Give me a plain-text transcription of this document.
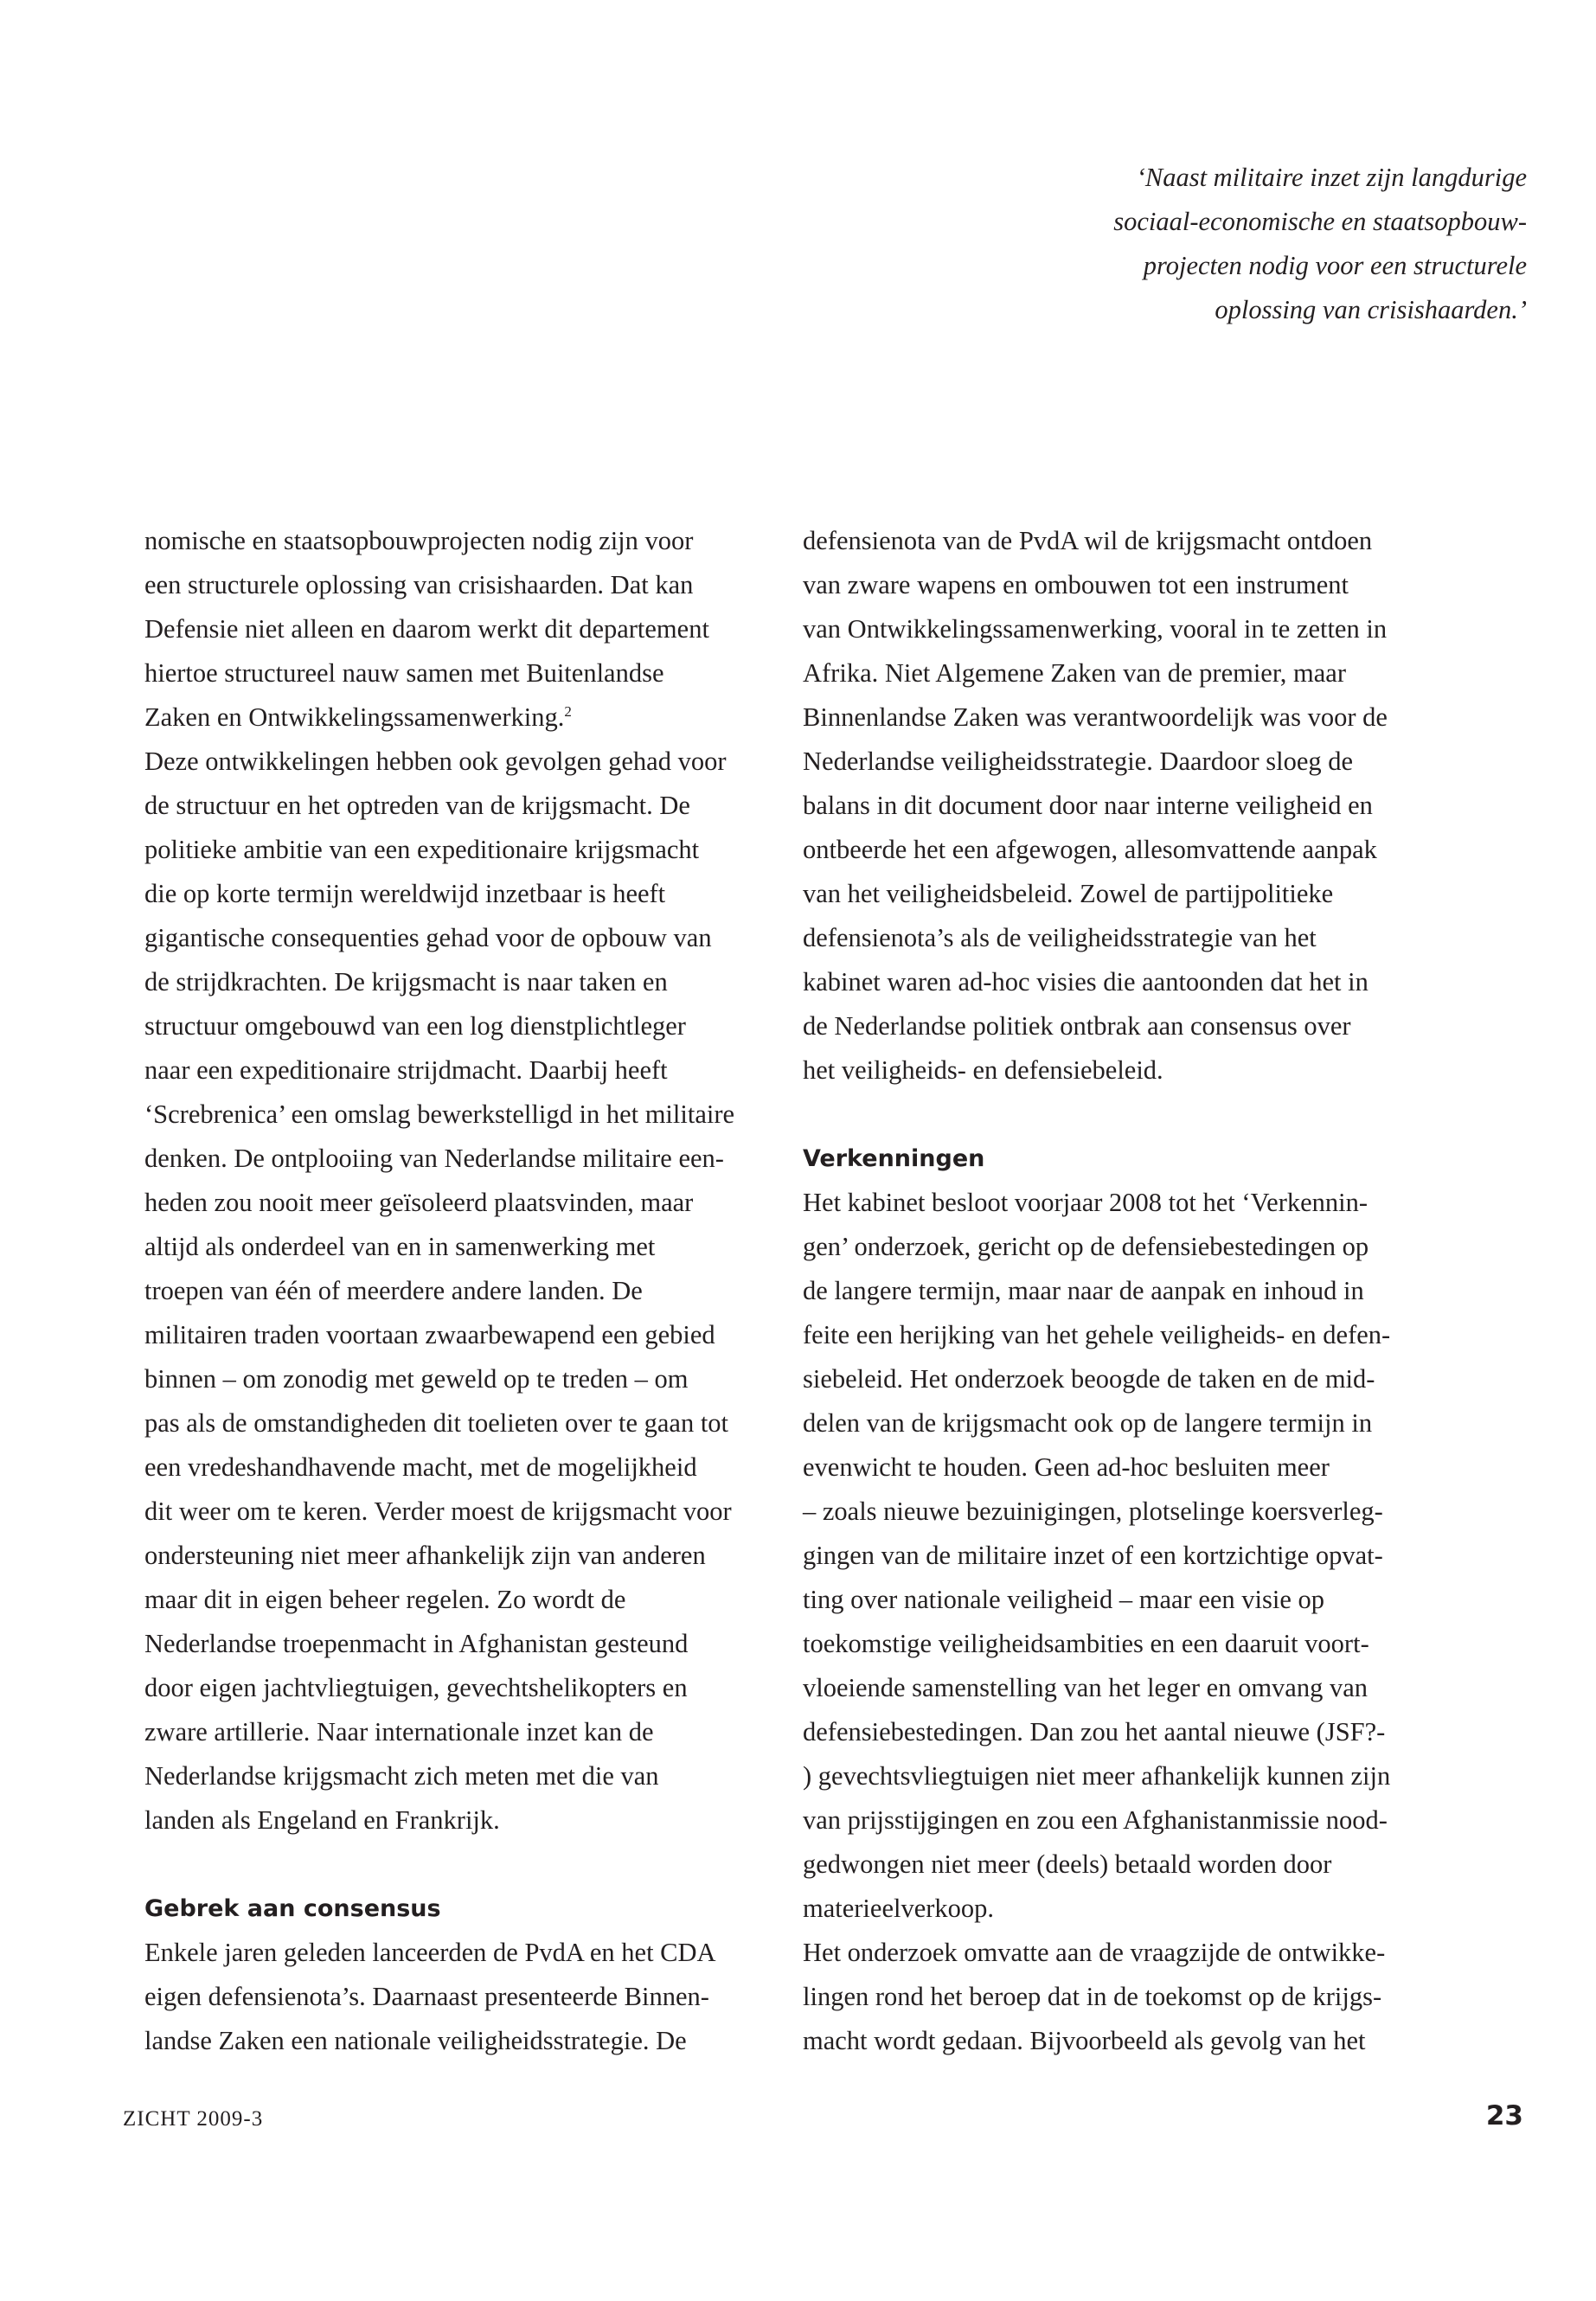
‘Naast militaire inzet zijn langdurige
sociaal-economische en staatsopbouw-
projecten nodig voor een structurele
oplossing van crisishaarden.’
nomische en staatsopbouwprojecten nodig zijn voor
een structurele oplossing van crisishaarden. Dat kan
Defensie niet alleen en daarom werkt dit departement
hiertoe structureel nauw samen met Buitenlandse
Zaken en Ontwikkelingssamenwerking.$^2$
Deze ontwikkelingen hebben ook gevolgen gehad voor
de structuur en het optreden van de krijgsmacht. De
politieke ambitie van een expeditionaire krijgsmacht
die op korte termijn wereldwijd inzetbaar is heeft
gigantische consequenties gehad voor de opbouw van
de strijdkrachten. De krijgsmacht is naar taken en
structuur omgebouwd van een log dienstplichtleger
naar een expeditionaire strijdmacht. Daarbij heeft
‘Screbrenica’ een omslag bewerkstelligd in het militaire
denken. De ontplooiing van Nederlandse militaire een-
heden zou nooit meer geïsoleerd plaatsvinden, maar
altijd als onderdeel van en in samenwerking met
troepen van één of meerdere andere landen. De
militairen traden voortaan zwaarbewapend een gebied
binnen – om zonodig met geweld op te treden – om
pas als de omstandigheden dit toelieten over te gaan tot
een vredeshandhavende macht, met de mogelijkheid
dit weer om te keren. Verder moest de krijgsmacht voor
ondersteuning niet meer afhankelijk zijn van anderen
maar dit in eigen beheer regelen. Zo wordt de
Nederlandse troepenmacht in Afghanistan gesteund
door eigen jachtvliegtuigen, gevechtshelikopters en
zware artillerie. Naar internationale inzet kan de
Nederlandse krijgsmacht zich meten met die van
landen als Engeland en Frankrijk.
Gebrek aan consensus
Enkele jaren geleden lanceerden de PvdA en het CDA
eigen defensienota’s. Daarnaast presenteerde Binnen-
landse Zaken een nationale veiligheidsstrategie. De
defensienota van de PvdA wil de krijgsmacht ontdoen
van zware wapens en ombouwen tot een instrument
van Ontwikkelingssamenwerking, vooral in te zetten in
Afrika. Niet Algemene Zaken van de premier, maar
Binnenlandse Zaken was verantwoordelijk was voor de
Nederlandse veiligheidsstrategie. Daardoor sloeg de
balans in dit document door naar interne veiligheid en
ontbeerde het een afgewogen, allesomvattende aanpak
van het veiligheidsbeleid. Zowel de partijpolitieke
defensienota’s als de veiligheidsstrategie van het
kabinet waren ad-hoc visies die aantoonden dat het in
de Nederlandse politiek ontbrak aan consensus over
het veiligheids- en defensiebeleid.
Verkenningen
Het kabinet besloot voorjaar 2008 tot het ‘Verkennin-
gen’ onderzoek, gericht op de defensiebestedingen op
de langere termijn, maar naar de aanpak en inhoud in
feite een herijking van het gehele veiligheids- en defen-
siebeleid. Het onderzoek beoogde de taken en de mid-
delen van de krijgsmacht ook op de langere termijn in
evenwicht te houden. Geen ad-hoc besluiten meer
– zoals nieuwe bezuinigingen, plotselinge koersverleg-
gingen van de militaire inzet of een kortzichtige opvat-
ting over nationale veiligheid – maar een visie op
toekomstige veiligheidsambities en een daaruit voort-
vloeiende samenstelling van het leger en omvang van
defensiebestedingen. Dan zou het aantal nieuwe (JSF?-
) gevechtsvliegtuigen niet meer afhankelijk kunnen zijn
van prijsstijgingen en zou een Afghanistanmissie nood-
gedwongen niet meer (deels) betaald worden door
materieelverkoop.
Het onderzoek omvatte aan de vraagzijde de ontwikke-
lingen rond het beroep dat in de toekomst op de krijgs-
macht wordt gedaan. Bijvoorbeeld als gevolg van het
ZICHT 2009-3	23
